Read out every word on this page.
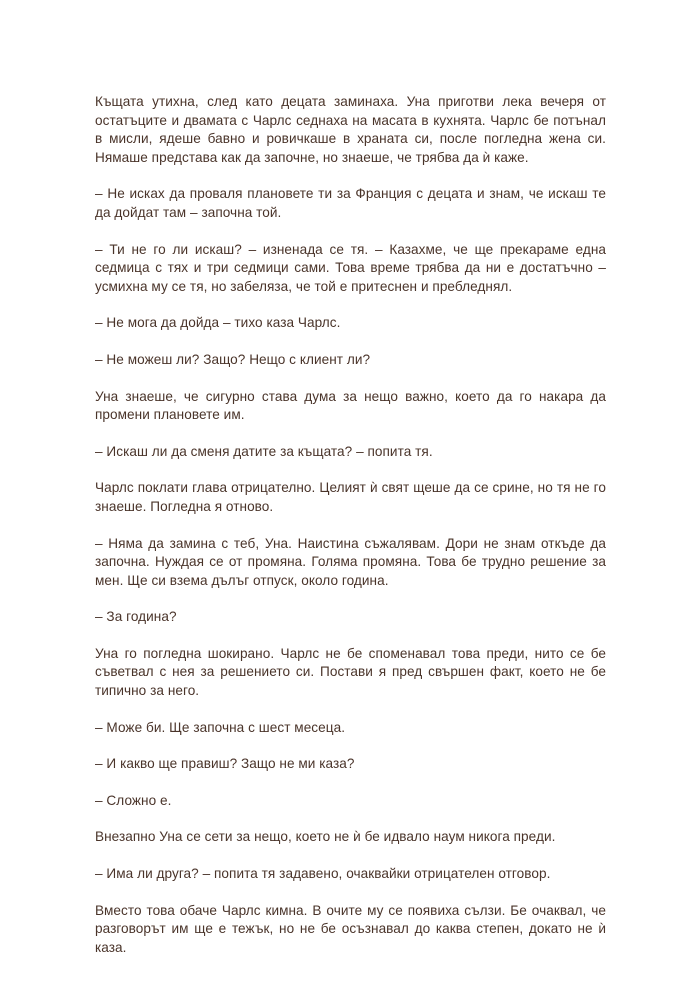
Къщата утихна, след като децата заминаха. Уна приготви лека вечеря от остатъците и двамата с Чарлс седнаха на масата в кухнята. Чарлс бе потънал в мисли, ядеше бавно и ровичкаше в храната си, после погледна жена си. Нямаше представа как да започне, но знаеше, че трябва да ѝ каже.

– Не исках да проваля плановете ти за Франция с децата и знам, че искаш те да дойдат там – започна той.

– Ти не го ли искаш? – изненада се тя. – Казахме, че ще прекараме една седмица с тях и три седмици сами. Това време трябва да ни е достатъчно – усмихна му се тя, но забеляза, че той е притеснен и пребледнял.

– Не мога да дойда – тихо каза Чарлс.

– Не можеш ли? Защо? Нещо с клиент ли?

Уна знаеше, че сигурно става дума за нещо важно, което да го накара да промени плановете им.

– Искаш ли да сменя датите за къщата? – попита тя.

Чарлс поклати глава отрицателно. Целият ѝ свят щеше да се срине, но тя не го знаеше. Погледна я отново.

– Няма да замина с теб, Уна. Наистина съжалявам. Дори не знам откъде да започна. Нуждая се от промяна. Голяма промяна. Това бе трудно решение за мен. Ще си взема дълъг отпуск, около година.

– За година?

Уна го погледна шокирано. Чарлс не бе споменавал това преди, нито се бе съветвал с нея за решението си. Постави я пред свършен факт, което не бе типично за него.

– Може би. Ще започна с шест месеца.

– И какво ще правиш? Защо не ми каза?

– Сложно е.

Внезапно Уна се сети за нещо, което не ѝ бе идвало наум никога преди.

– Има ли друга? – попита тя задавено, очаквайки отрицателен отговор.

Вместо това обаче Чарлс кимна. В очите му се появиха сълзи. Бе очаквал, че разговорът им ще е тежък, но не бе осъзнавал до каква степен, докато не ѝ каза.
